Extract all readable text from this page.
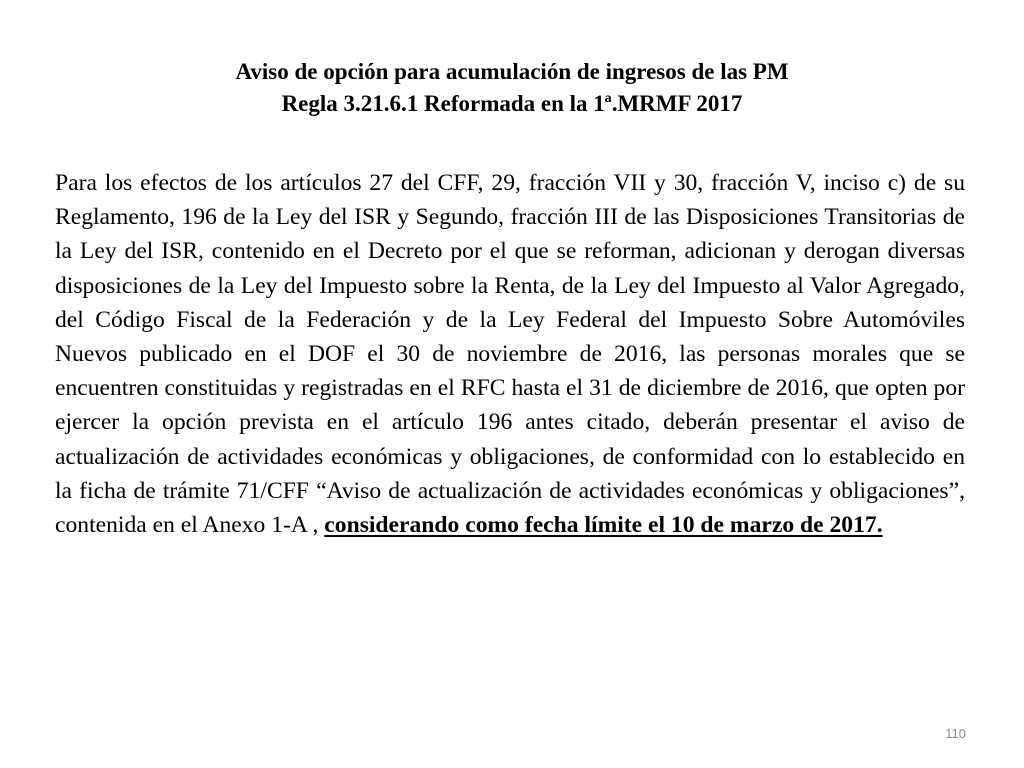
Aviso de opción para acumulación de ingresos de las PM
Regla 3.21.6.1 Reformada en la 1ª.MRMF 2017
Para los efectos de los artículos 27 del CFF, 29, fracción VII y 30, fracción V, inciso c) de su Reglamento, 196 de la Ley del ISR y Segundo, fracción III de las Disposiciones Transitorias de la Ley del ISR, contenido en el Decreto por el que se reforman, adicionan y derogan diversas disposiciones de la Ley del Impuesto sobre la Renta, de la Ley del Impuesto al Valor Agregado, del Código Fiscal de la Federación y de la Ley Federal del Impuesto Sobre Automóviles Nuevos publicado en el DOF el 30 de noviembre de 2016, las personas morales que se encuentren constituidas y registradas en el RFC hasta el 31 de diciembre de 2016, que opten por ejercer la opción prevista en el artículo 196 antes citado, deberán presentar el aviso de actualización de actividades económicas y obligaciones, de conformidad con lo establecido en la ficha de trámite 71/CFF “Aviso de actualización de actividades económicas y obligaciones”, contenida en el Anexo 1-A , considerando como fecha límite el 10 de marzo de 2017.
110
